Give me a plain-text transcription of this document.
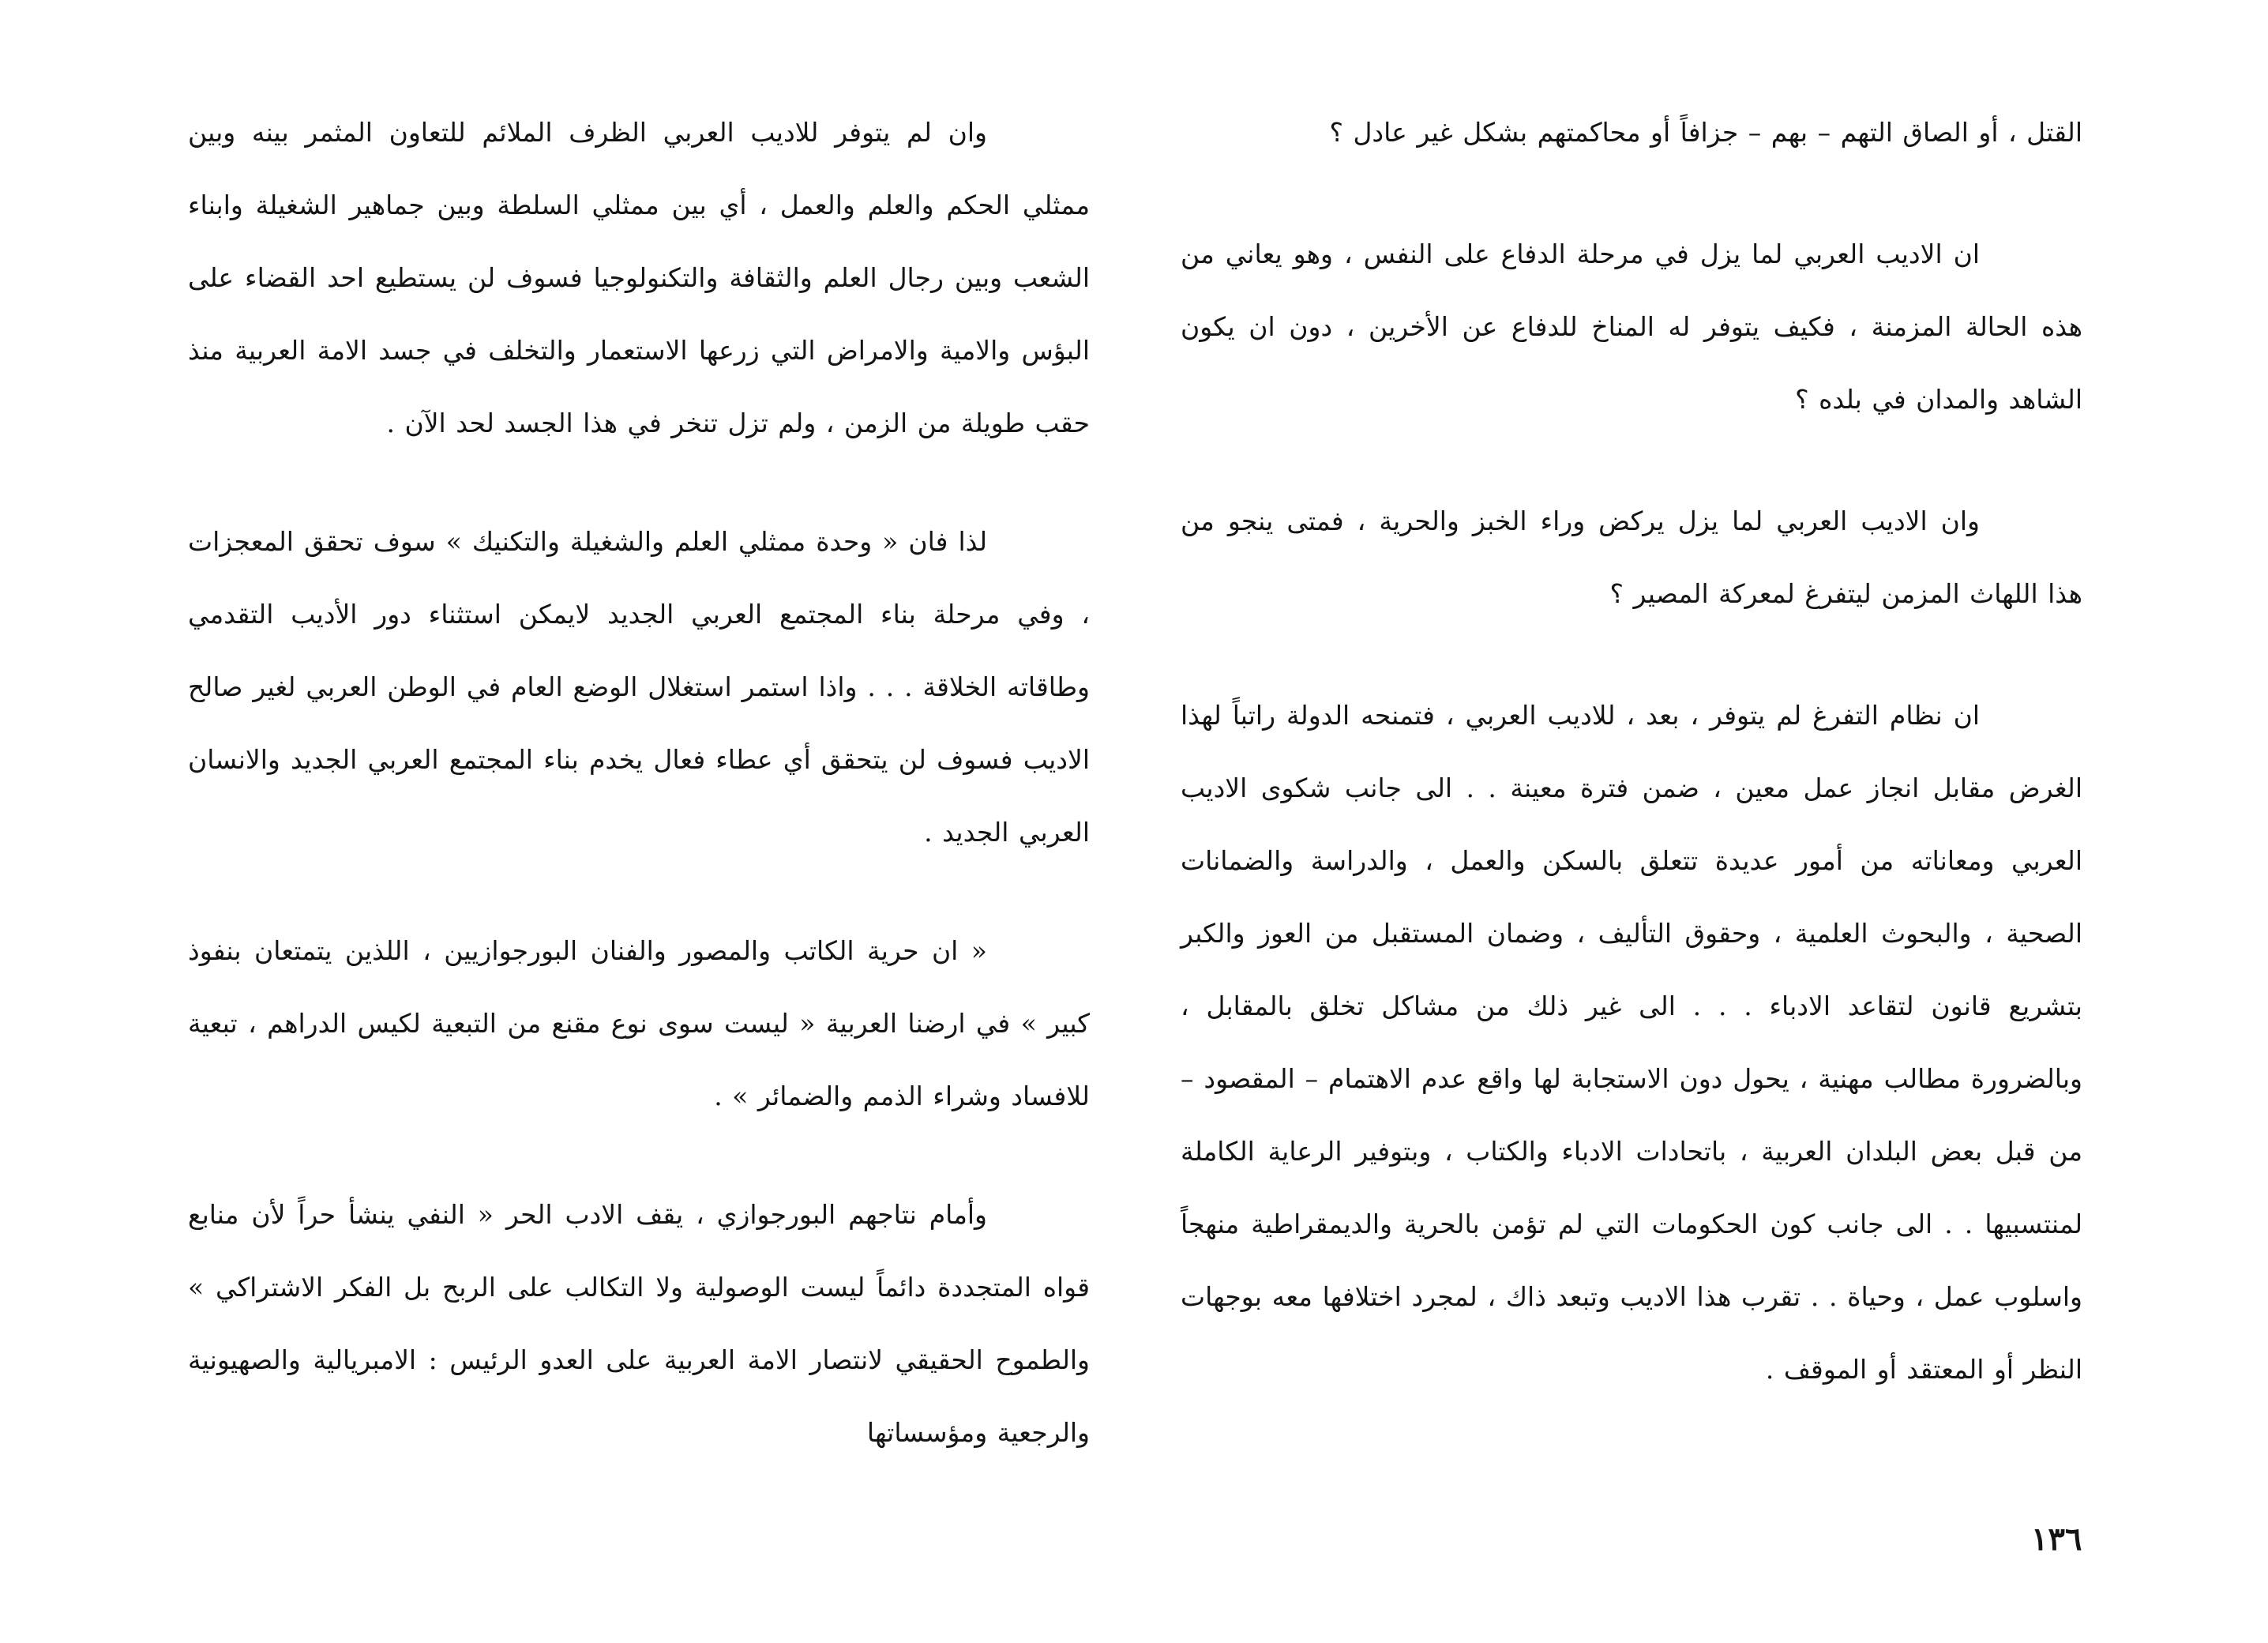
القتل ، أو الصاق التهم – بهم – جزافاً أو محاكمتهم بشكل غير عادل ؟

ان الاديب العربي لما يزل في مرحلة الدفاع على النفس ، وهو يعاني من هذه الحالة المزمنة ، فكيف يتوفر له المناخ للدفاع عن الأخرين ، دون ان يكون الشاهد والمدان في بلده ؟

وان الاديب العربي لما يزل يركض وراء الخبز والحرية ، فمتى ينجو من هذا اللهاث المزمن ليتفرغ لمعركة المصير ؟

ان نظام التفرغ لم يتوفر ، بعد ، للاديب العربي ، فتمنحه الدولة راتباً لهذا الغرض مقابل انجاز عمل معين ، ضمن فترة معينة . . الى جانب شكوى الاديب العربي ومعاناته من أمور عديدة تتعلق بالسكن والعمل ، والدراسة والضمانات الصحية ، والبحوث العلمية ، وحقوق التأليف ، وضمان المستقبل من العوز والكبر بتشريع قانون لتقاعد الادباء . . . الى غير ذلك من مشاكل تخلق بالمقابل ، وبالضرورة مطالب مهنية ، يحول دون الاستجابة لها واقع عدم الاهتمام – المقصود – من قبل بعض البلدان العربية ، باتحادات الادباء والكتاب ، وبتوفير الرعاية الكاملة لمنتسبيها . . الى جانب كون الحكومات التي لم تؤمن بالحرية والديمقراطية منهجاً واسلوب عمل ، وحياة . . تقرب هذا الاديب وتبعد ذاك ، لمجرد اختلافها معه بوجهات النظر أو المعتقد أو الموقف .

وان لم يتوفر للاديب العربي الظرف الملائم للتعاون المثمر بينه وبين ممثلي الحكم والعلم والعمل ، أي بين ممثلي السلطة وبين جماهير الشغيلة وابناء الشعب وبين رجال العلم والثقافة والتكنولوجيا فسوف لن يستطيع احد القضاء على البؤس والامية والامراض التي زرعها الاستعمار والتخلف في جسد الامة العربية منذ حقب طويلة من الزمن ، ولم تزل تنخر في هذا الجسد لحد الآن .

لذا فان « وحدة ممثلي العلم والشغيلة والتكنيك » سوف تحقق المعجزات ، وفي مرحلة بناء المجتمع العربي الجديد لايمكن استثناء دور الأديب التقدمي وطاقاته الخلاقة . . . واذا استمر استغلال الوضع العام في الوطن العربي لغير صالح الاديب فسوف لن يتحقق أي عطاء فعال يخدم بناء المجتمع العربي الجديد والانسان العربي الجديد .

« ان حرية الكاتب والمصور والفنان البورجوازيين ، اللذين يتمتعان بنفوذ كبير » في ارضنا العربية « ليست سوى نوع مقنع من التبعية لكيس الدراهم ، تبعية للافساد وشراء الذمم والضمائر » .

وأمام نتاجهم البورجوازي ، يقف الادب الحر « النفي ينشأ حراً لأن منابع قواه المتجددة دائماً ليست الوصولية ولا التكالب على الربح بل الفكر الاشتراكي » والطموح الحقيقي لانتصار الامة العربية على العدو الرئيس : الامبريالية والصهيونية والرجعية ومؤسساتها

١٣٦
